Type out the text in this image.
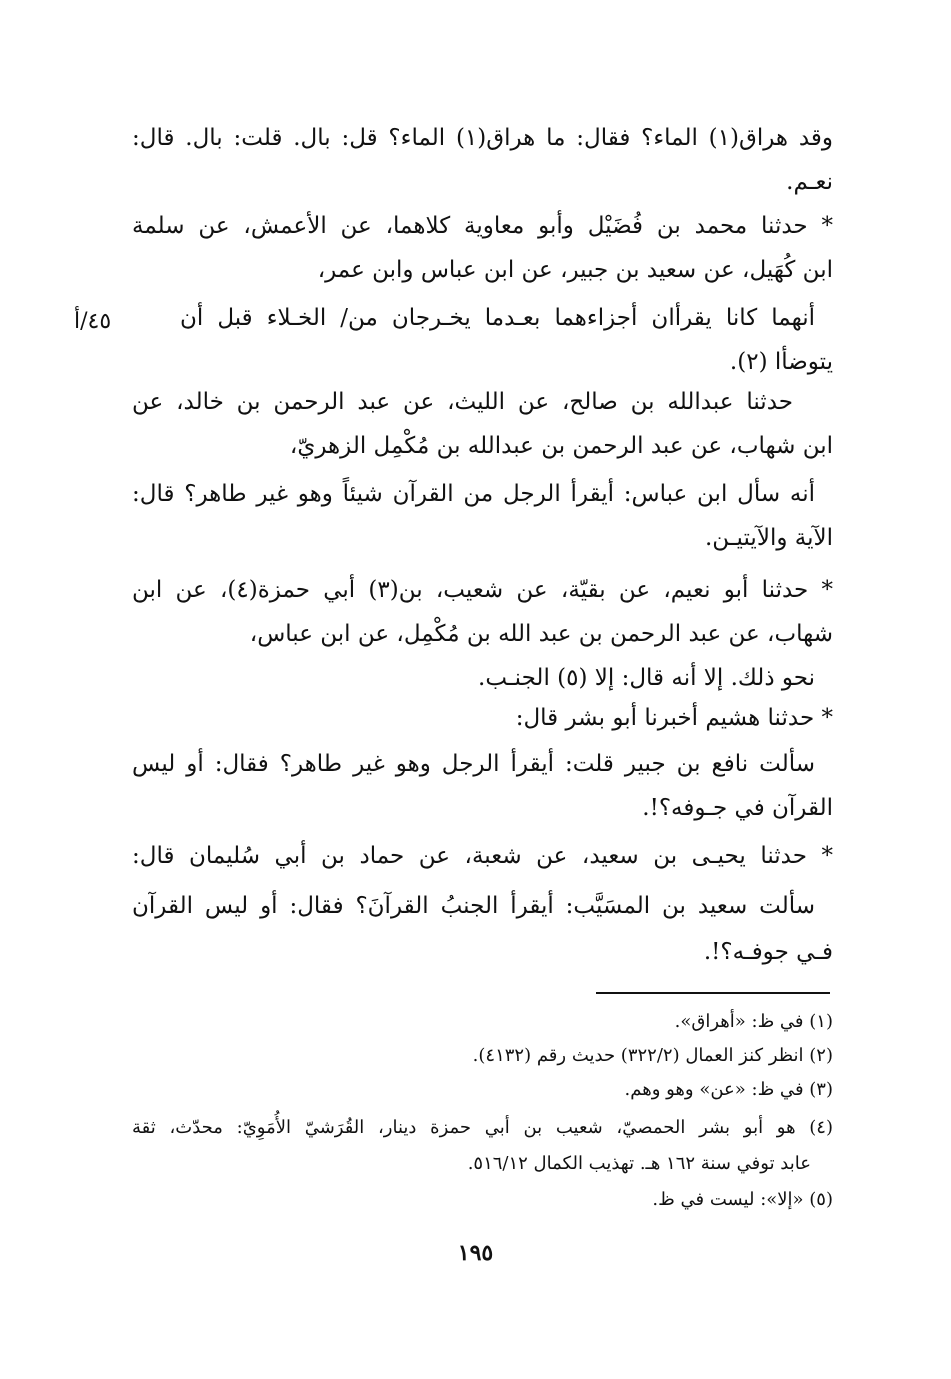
وقد هراق(١) الماء؟ فقال: ما هراق(١) الماء؟ قل: بال. قلت: بال. قال:
نعـم.
* حدثنا محمد بن فُضَيْل وأبو معاوية كلاهما، عن الأعمش، عن سلمة
ابن كُهَيل، عن سعيد بن جبير، عن ابن عباس وابن عمر،
أنهما كانا يقرأان أجزاءهما بعـدما يخـرجان من/ الخـلاء قبل أن
يتوضأا (٢).
٤٥/أ
حدثنا عبدالله بن صالح، عن الليث، عن عبد الرحمن بن خالد، عن
ابن شهاب، عن عبد الرحمن بن عبدالله بن مُكْمِل الزهريّ،
أنه سأل ابن عباس: أيقرأ الرجل من القرآن شيئاً وهو غير طاهر؟ قال:
الآية والآيتيـن.
* حدثنا أبو نعيم، عن بقيّة، عن شعيب، بن(٣) أبي حمزة(٤)، عن ابن
شهاب، عن عبد الرحمن بن عبد الله بن مُكْمِل، عن ابن عباس،
نحو ذلك. إلا أنه قال: إلا (٥) الجنـب.
* حدثنا هشيم أخبرنا أبو بشر قال:
سألت نافع بن جبير قلت: أيقرأ الرجل وهو غير طاهر؟ فقال: أو ليس
القرآن في جـوفه؟!.
* حدثنا يحيـى بن سعيد، عن شعبة، عن حماد بن أبي سُليمان قال:
سألت سعيد بن المسَيَّب: أيقرأ الجنبُ القرآنَ؟ فقال: أو ليس القرآن
فـي جوفـه؟!.
(١) في ظ: «أهراق».
(٢) انظر كنز العمال (٣٢٢/٢) حديث رقم (٤١٣٢).
(٣) في ظ: «عن» وهو وهم.
(٤) هو أبو بشر الحمصيّ، شعيب بن أبي حمزة دينار، القُرَشيّ الأُمَوِيّ: محدّث، ثقة
عابد توفي سنة ١٦٢ هـ. تهذيب الكمال ٥١٦/١٢.
(٥) «إلا»: ليست في ظ.
١٩٥
